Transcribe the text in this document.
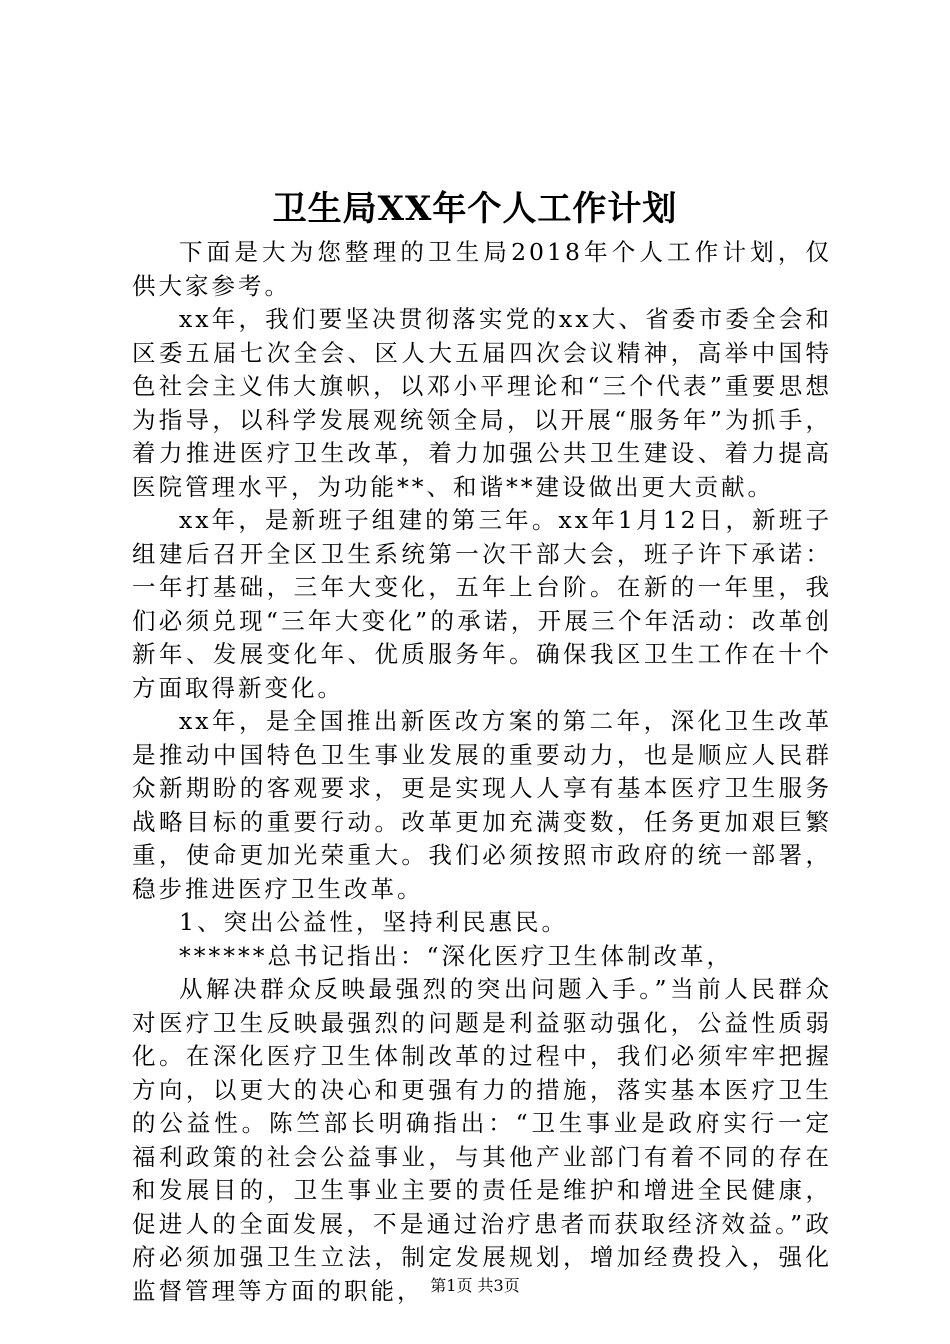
卫生局XX年个人工作计划

下面是大为您整理的卫生局2018年个人工作计划，仅供大家参考。

xx年，我们要坚决贯彻落实党的xx大、省委市委全会和区委五届七次全会、区人大五届四次会议精神，高举中国特色社会主义伟大旗帜，以邓小平理论和“三个代表”重要思想为指导，以科学发展观统领全局，以开展“服务年”为抓手，着力推进医疗卫生改革，着力加强公共卫生建设、着力提高医院管理水平，为功能**、和谐**建设做出更大贡献。

xx年，是新班子组建的第三年。xx年1月12日，新班子组建后召开全区卫生系统第一次干部大会，班子许下承诺：一年打基础，三年大变化，五年上台阶。在新的一年里，我们必须兑现“三年大变化”的承诺，开展三个年活动：改革创新年、发展变化年、优质服务年。确保我区卫生工作在十个方面取得新变化。

xx年，是全国推出新医改方案的第二年，深化卫生改革是推动中国特色卫生事业发展的重要动力，也是顺应人民群众新期盼的客观要求，更是实现人人享有基本医疗卫生服务战略目标的重要行动。改革更加充满变数，任务更加艰巨繁重，使命更加光荣重大。我们必须按照市政府的统一部署，稳步推进医疗卫生改革。

1、突出公益性，坚持利民惠民。

******总书记指出：“深化医疗卫生体制改革，

从解决群众反映最强烈的突出问题入手。”当前人民群众对医疗卫生反映最强烈的问题是利益驱动强化，公益性质弱化。在深化医疗卫生体制改革的过程中，我们必须牢牢把握方向，以更大的决心和更强有力的措施，落实基本医疗卫生的公益性。陈竺部长明确指出：“卫生事业是政府实行一定福利政策的社会公益事业，与其他产业部门有着不同的存在和发展目的，卫生事业主要的责任是维护和增进全民健康，促进人的全面发展，不是通过治疗患者而获取经济效益。”政府必须加强卫生立法，制定发展规划，增加经费投入，强化监督管理等方面的职能， 第1页 共3页
